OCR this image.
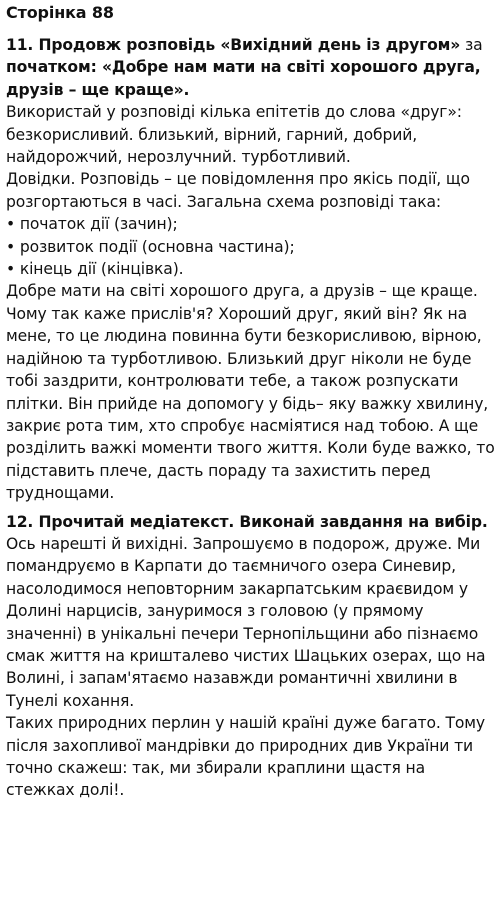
Сторінка 88

11. Продовж розповідь «Вихідний день із другом» за початком: «Добре нам мати на світі хорошого друга, друзів – ще краще».

Використай у розповіді кілька епітетів до слова «друг»: безкорисливий. близький, вірний, гарний, добрий, найдорожчий, нерозлучний. турботливий.

Довідки. Розповідь – це повідомлення про якісь події, що розгортаються в часі. Загальна схема розповіді така:

• початок дії (зачин);
• розвиток події (основна частина);
• кінець дії (кінцівка).

Добре мати на світі хорошого друга, а друзів – ще краще. Чому так каже прислів'я? Хороший друг, який він? Як на мене, то це людина повинна бути безкорисливою, вірною, надійною та турботливою. Близький друг ніколи не буде тобі заздрити, контролювати тебе, а також розпускати плітки. Він прийде на допомогу у бідь– яку важку хвилину, закриє рота тим, хто спробує насміятися над тобою. А ще розділить важкі моменти твого життя. Коли буде важко, то підставить плече, дасть пораду та захистить перед труднощами.

12. Прочитай медіатекст. Виконай завдання на вибір.

Ось нарешті й вихідні. Запрошуємо в подорож, друже. Ми помандруємо в Карпати до таємничого озера Синевир, насолодимося неповторним закарпатським краєвидом у Долині нарцисів, зануримося з головою (у прямому значенні) в унікальні печери Тернопільщини або пізнаємо смак життя на кришталево чистих Шацьких озерах, що на Волині, і запам'ятаємо назавжди романтичні хвилини в Тунелі кохання.

Таких природних перлин у нашій країні дуже багато. Тому після захопливої мандрівки до природних див України ти точно скажеш: так, ми збирали краплини щастя на стежках долі!.
